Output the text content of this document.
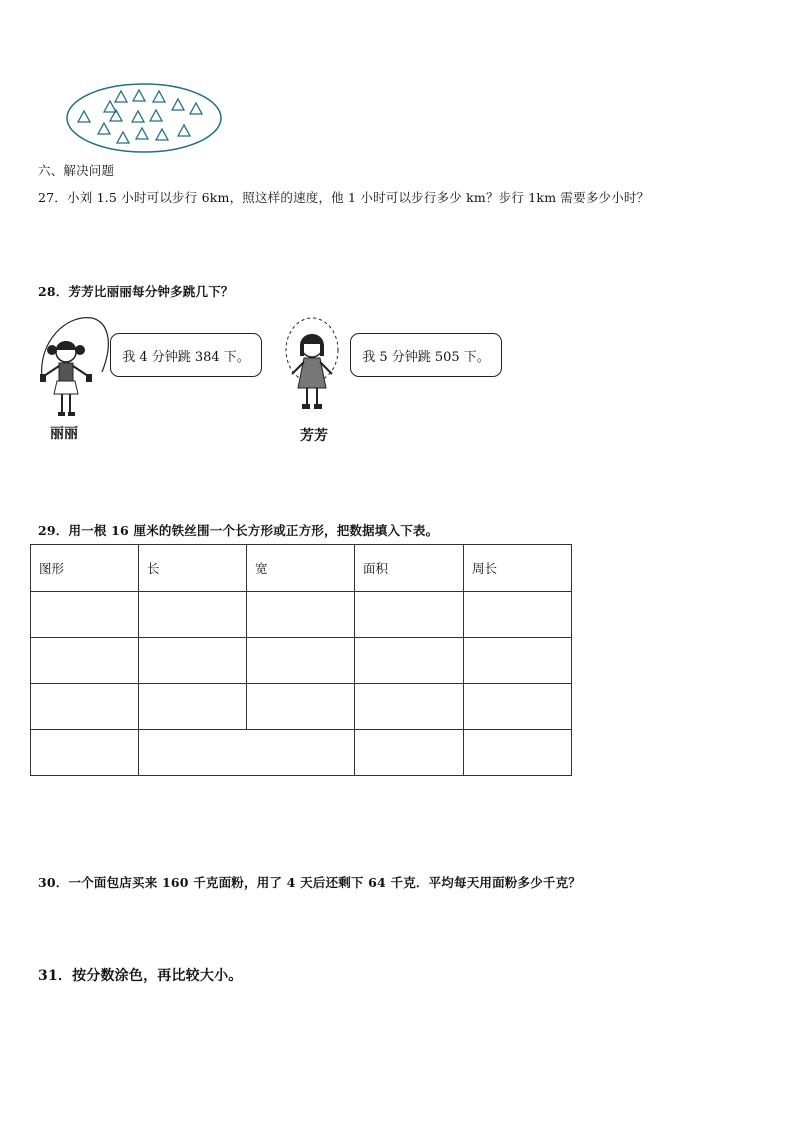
六、解决问题
27．小刘 1.5 小时可以步行 6km，照这样的速度，他 1 小时可以步行多少 km？步行 1km 需要多少小时？
28．芳芳比丽丽每分钟多跳几下？
我 4 分钟跳 384 下。
丽丽
我 5 分钟跳 505 下。
芳芳
29．用一根 16 厘米的铁丝围一个长方形或正方形，把数据填入下表。
图形	长	宽	面积	周长

30．一个面包店买来 160 千克面粉，用了 4 天后还剩下 64 千克．平均每天用面粉多少千克？
31．按分数涂色，再比较大小。
